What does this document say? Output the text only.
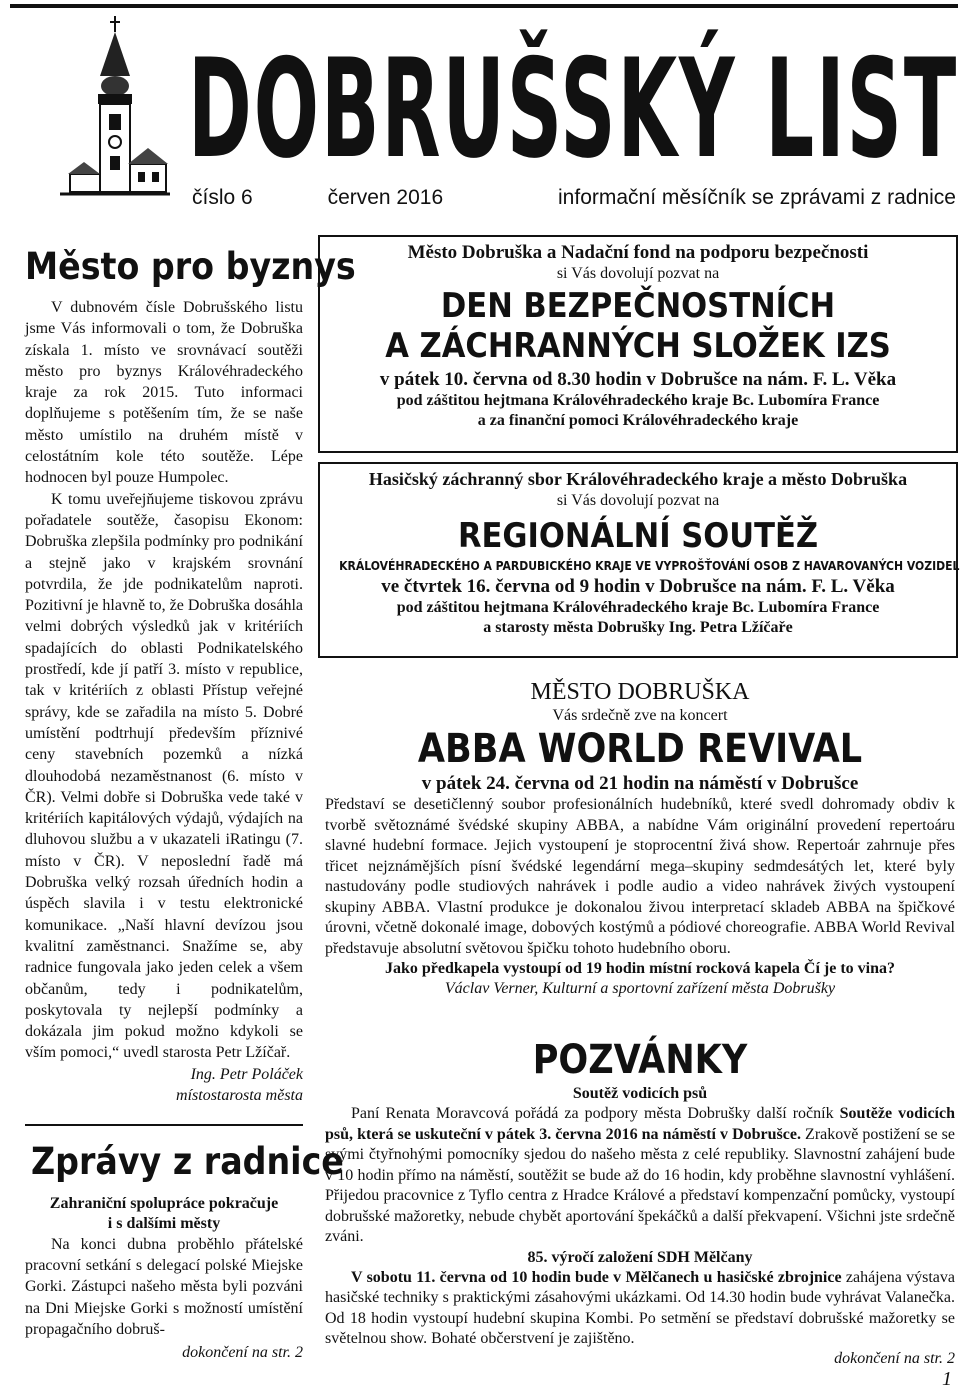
DOBRUŠSKÝ LIST
číslo 6	červen 2016	informační měsíčník se zprávami z radnice
Město pro byznys

V dubnovém čísle Dobrušského listu jsme Vás informovali o tom, že Dobruška získala 1. místo ve srovnávací soutěži město pro byznys Královéhradeckého kraje za rok 2015. Tuto informaci doplňujeme s potěšením tím, že se naše město umístilo na druhém místě v celostátním kole této soutěže. Lépe hodnocen byl pouze Humpolec.

K tomu uveřejňujeme tiskovou zprávu pořadatele soutěže, časopisu Ekonom: Dobruška zlepšila podmínky pro podnikání a stejně jako v krajském srovnání potvrdila, že jde podnikatelům naproti. Pozitivní je hlavně to, že Dobruška dosáhla velmi dobrých výsledků jak v kritériích spadajících do oblasti Podnikatelského prostředí, kde jí patří 3. místo v republice, tak v kritériích z oblasti Přístup veřejné správy, kde se zařadila na místo 5. Dobré umístění podtrhují především příznivé ceny stavebních pozemků a nízká dlouhodobá nezaměstnanost (6. místo v ČR). Velmi dobře si Dobruška vede také v kritériích kapitálových výdajů, výdajích na dluhovou službu a v ukazateli iRatingu (7. místo v ČR). V neposlední řadě má Dobruška velký rozsah úředních hodin a úspěch slavila i v testu elektronické komunikace. „Naší hlavní devízou jsou kvalitní zaměstnanci. Snažíme se, aby radnice fungovala jako jeden celek a všem občanům, tedy i podnikatelům, poskytovala ty nejlepší podmínky a dokázala jim pokud možno kdykoli se vším pomoci,“ uvedl starosta Petr Lžíčař.

Ing. Petr Poláček
místostarosta města
Zprávy z radnice
Zahraniční spolupráce pokračuje
i s dalšími městy

Na konci dubna proběhlo přátelské pracovní setkání s delegací polské Miejske Gorki. Zástupci našeho města byli pozváni na Dni Miejske Gorki s možností umístění propagačního dobruš-

dokončení na str. 2
Město Dobruška a Nadační fond na podporu bezpečnosti
si Vás dovolují pozvat na
DEN BEZPEČNOSTNÍCH
A ZÁCHRANNÝCH SLOŽEK IZS
v pátek 10. června od 8.30 hodin v Dobrušce na nám. F. L. Věka
pod záštitou hejtmana Královéhradeckého kraje Bc. Lubomíra France
a za finanční pomoci Královéhradeckého kraje
Hasičský záchranný sbor Královéhradeckého kraje a město Dobruška
si Vás dovolují pozvat na
REGIONÁLNÍ SOUTĚŽ
KRÁLOVÉHRADECKÉHO A PARDUBICKÉHO KRAJE VE VYPROŠŤOVÁNÍ OSOB Z HAVAROVANÝCH VOZIDEL
ve čtvrtek 16. června od 9 hodin v Dobrušce na nám. F. L. Věka
pod záštitou hejtmana Královéhradeckého kraje Bc. Lubomíra France
a starosty města Dobrušky Ing. Petra Lžíčaře
MĚSTO DOBRUŠKA
Vás srdečně zve na koncert
ABBA WORLD REVIVAL
v pátek 24. června od 21 hodin na náměstí v Dobrušce

Představí se desetičlenný soubor profesionálních hudebníků, které svedl dohromady obdiv k tvorbě světoznámé švédské skupiny ABBA, a nabídne Vám originální provedení repertoáru slavné hudební formace. Jejich vystoupení je stoprocentní živá show. Repertoár zahrnuje přes třicet nejznámějších písní švédské legendární mega–skupiny sedmdesátých let, které byly nastudovány podle studiových nahrávek i podle audio a video nahrávek živých vystoupení skupiny ABBA. Vlastní produkce je dokonalou živou interpretací skladeb ABBA na špičkové úrovni, včetně dokonalé image, dobových kostýmů a pódiové choreografie. ABBA World Revival představuje absolutní světovou špičku tohoto hudebního oboru.

Jako předkapela vystoupí od 19 hodin místní rocková kapela Čí je to vina?
Václav Verner, Kulturní a sportovní zařízení města Dobrušky
POZVÁNKY
Soutěž vodicích psů

Paní Renata Moravcová pořádá za podpory města Dobrušky další ročník Soutěže vodicích psů, která se uskuteční v pátek 3. června 2016 na náměstí v Dobrušce. Zrakově postižení se se svými čtyřnohými pomocníky sjedou do našeho města z celé republiky. Slavnostní zahájení bude v 10 hodin přímo na náměstí, soutěžit se bude až do 16 hodin, kdy proběhne slavnostní vyhlášení. Přijedou pracovnice z Tyflo centra z Hradce Králové a představí kompenzační pomůcky, vystoupí dobrušské mažoretky, nebude chybět aportování špekáčků a další překvapení. Všichni jste srdečně zváni.

85. výročí založení SDH Mělčany

V sobotu 11. června od 10 hodin bude v Mělčanech u hasičské zbrojnice zahájena výstava hasičské techniky s praktickými zásahovými ukázkami. Od 14.30 hodin bude vyhrávat Valanečka. Od 18 hodin vystoupí hudební skupina Kombi. Po setmění se představí dobrušské mažoretky se světelnou show. Bohaté občerstvení je zajištěno.

dokončení na str. 2
1
